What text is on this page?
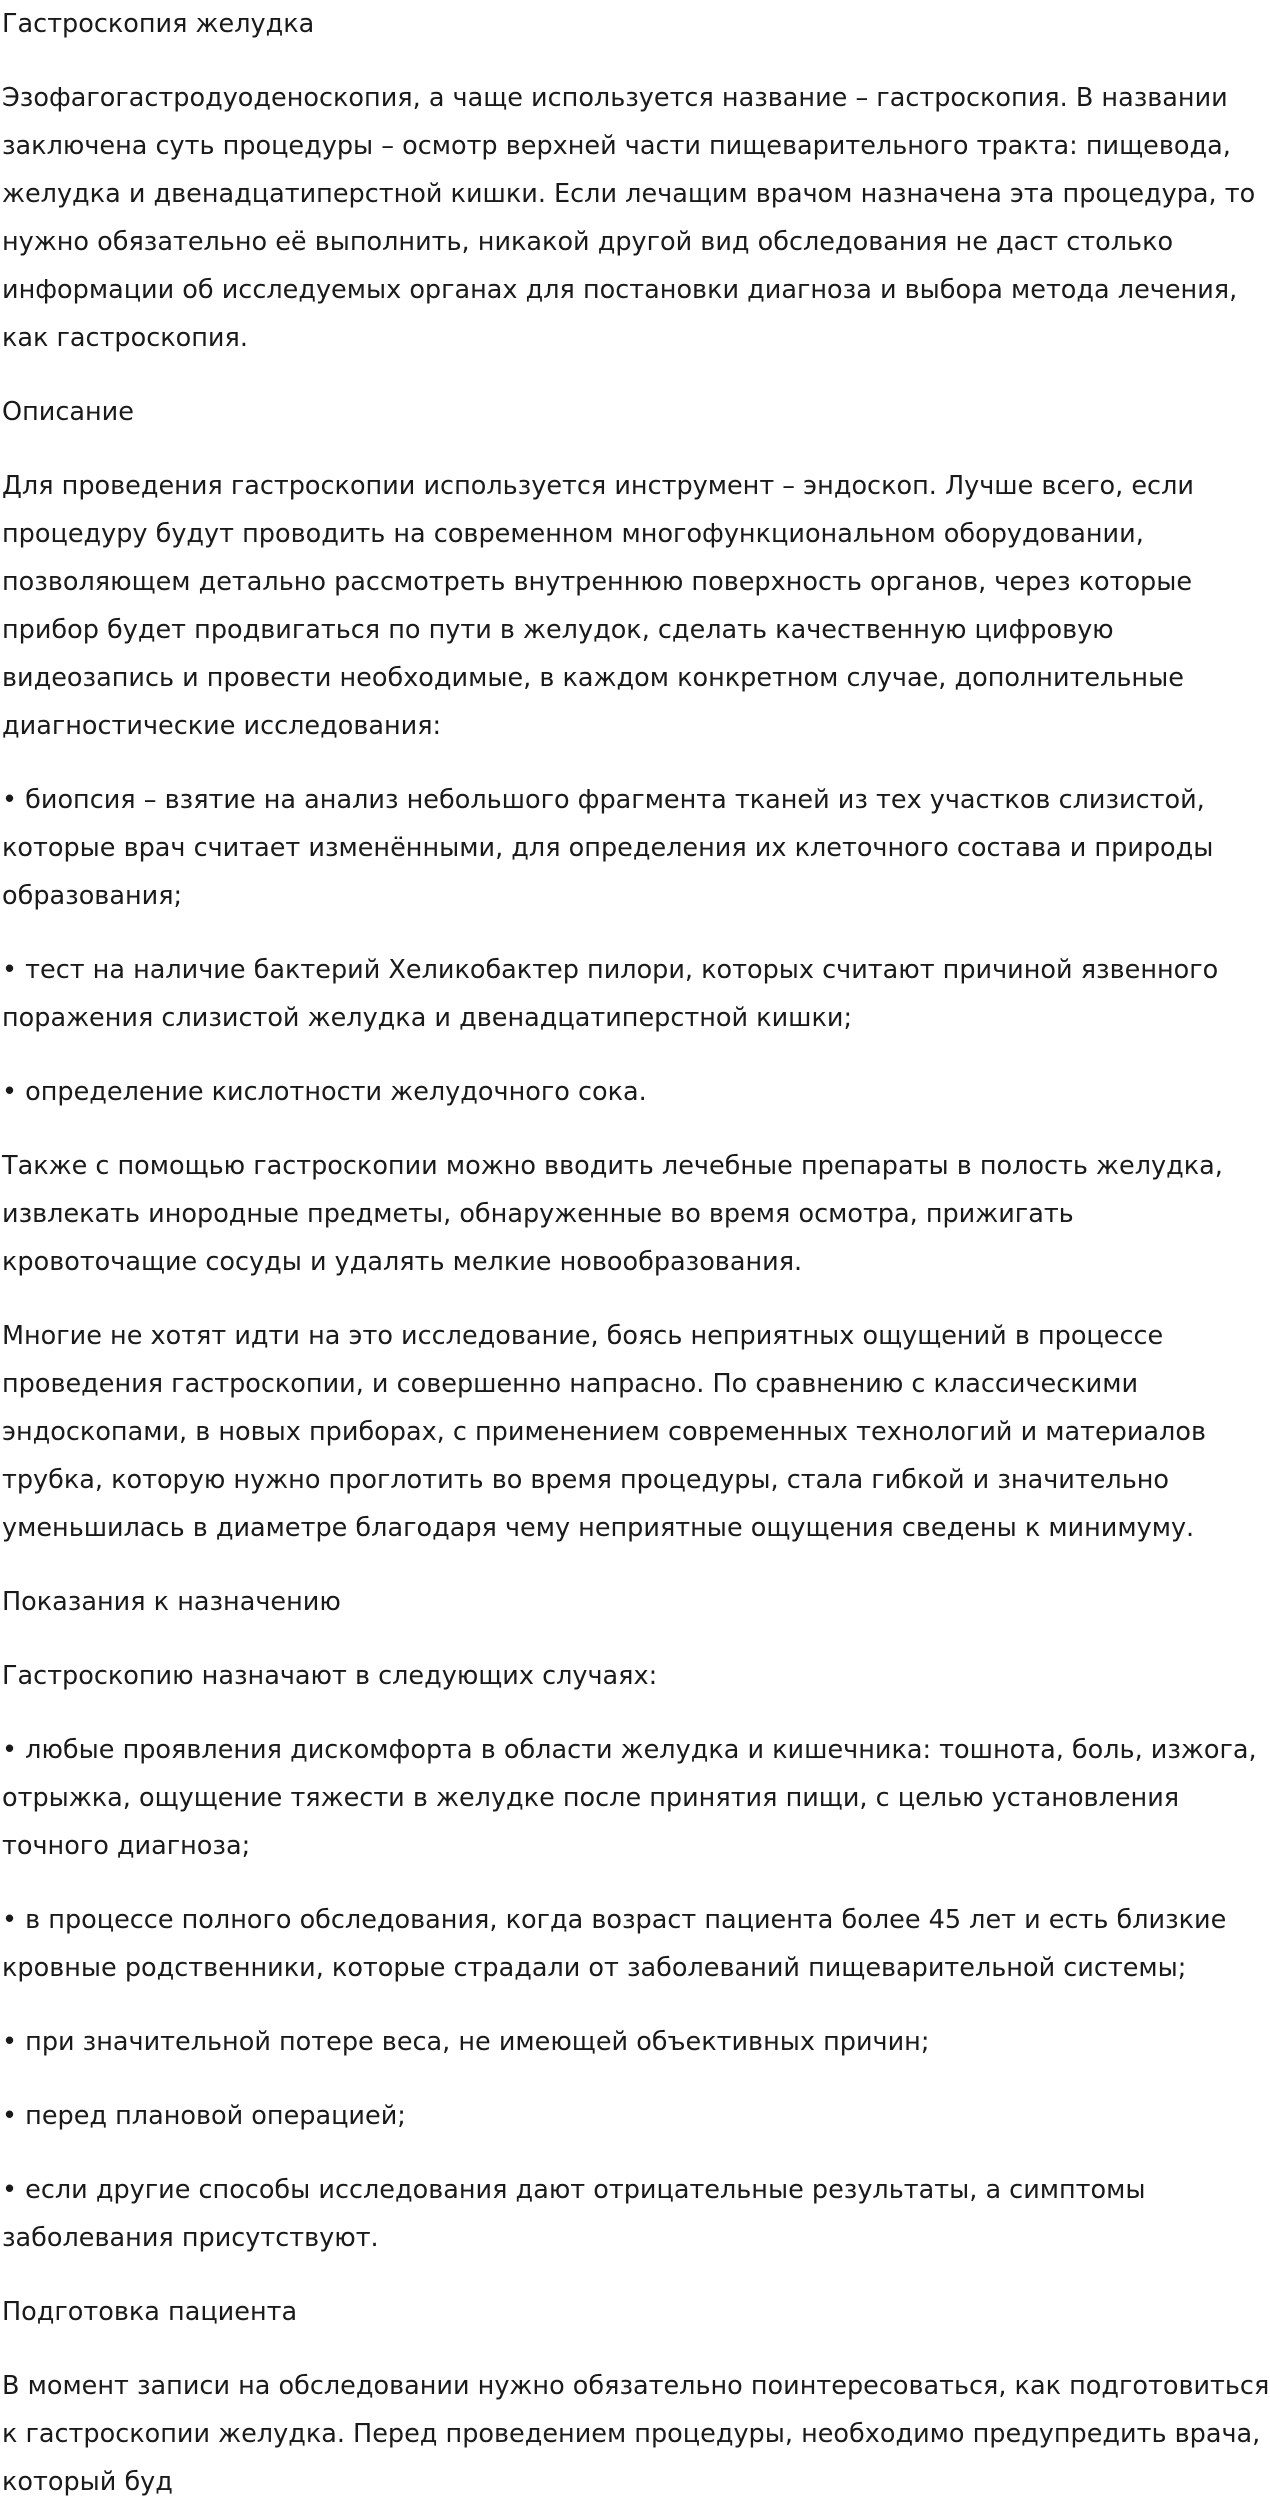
Гастроскопия желудка

Эзофагогастродуоденоскопия, а чаще используется название – гастроскопия. В названии заключена суть процедуры – осмотр верхней части пищеварительного тракта: пищевода, желудка и двенадцатиперстной кишки. Если лечащим врачом назначена эта процедура, то нужно обязательно её выполнить, никакой другой вид обследования не даст столько информации об исследуемых органах для постановки диагноза и выбора метода лечения, как гастроскопия.

Описание

Для проведения гастроскопии используется инструмент – эндоскоп. Лучше всего, если процедуру будут проводить на современном многофункциональном оборудовании, позволяющем детально рассмотреть внутреннюю поверхность органов, через которые прибор будет продвигаться по пути в желудок, сделать качественную цифровую видеозапись и провести необходимые, в каждом конкретном случае, дополнительные диагностические исследования:

• биопсия – взятие на анализ небольшого фрагмента тканей из тех участков слизистой, которые врач считает изменёнными, для определения их клеточного состава и природы образования;

• тест на наличие бактерий Хеликобактер пилори, которых считают причиной язвенного поражения слизистой желудка и двенадцатиперстной кишки;

• определение кислотности желудочного сока.

Также с помощью гастроскопии можно вводить лечебные препараты в полость желудка, извлекать инородные предметы, обнаруженные во время осмотра, прижигать кровоточащие сосуды и удалять мелкие новообразования.

Многие не хотят идти на это исследование, боясь неприятных ощущений в процессе проведения гастроскопии, и совершенно напрасно. По сравнению с классическими эндоскопами, в новых приборах, с применением современных технологий и материалов трубка, которую нужно проглотить во время процедуры, стала гибкой и значительно уменьшилась в диаметре благодаря чему неприятные ощущения сведены к минимуму.

Показания к назначению

Гастроскопию назначают в следующих случаях:

• любые проявления дискомфорта в области желудка и кишечника: тошнота, боль, изжога, отрыжка, ощущение тяжести в желудке после принятия пищи, с целью установления точного диагноза;

• в процессе полного обследования, когда возраст пациента более 45 лет и есть близкие кровные родственники, которые страдали от заболеваний пищеварительной системы;

• при значительной потере веса, не имеющей объективных причин;

• перед плановой операцией;

• если другие способы исследования дают отрицательные результаты, а симптомы заболевания присутствуют.

Подготовка пациента

В момент записи на обследовании нужно обязательно поинтересоваться, как подготовиться к гастроскопии желудка. Перед проведением процедуры, необходимо предупредить врача, который буд
